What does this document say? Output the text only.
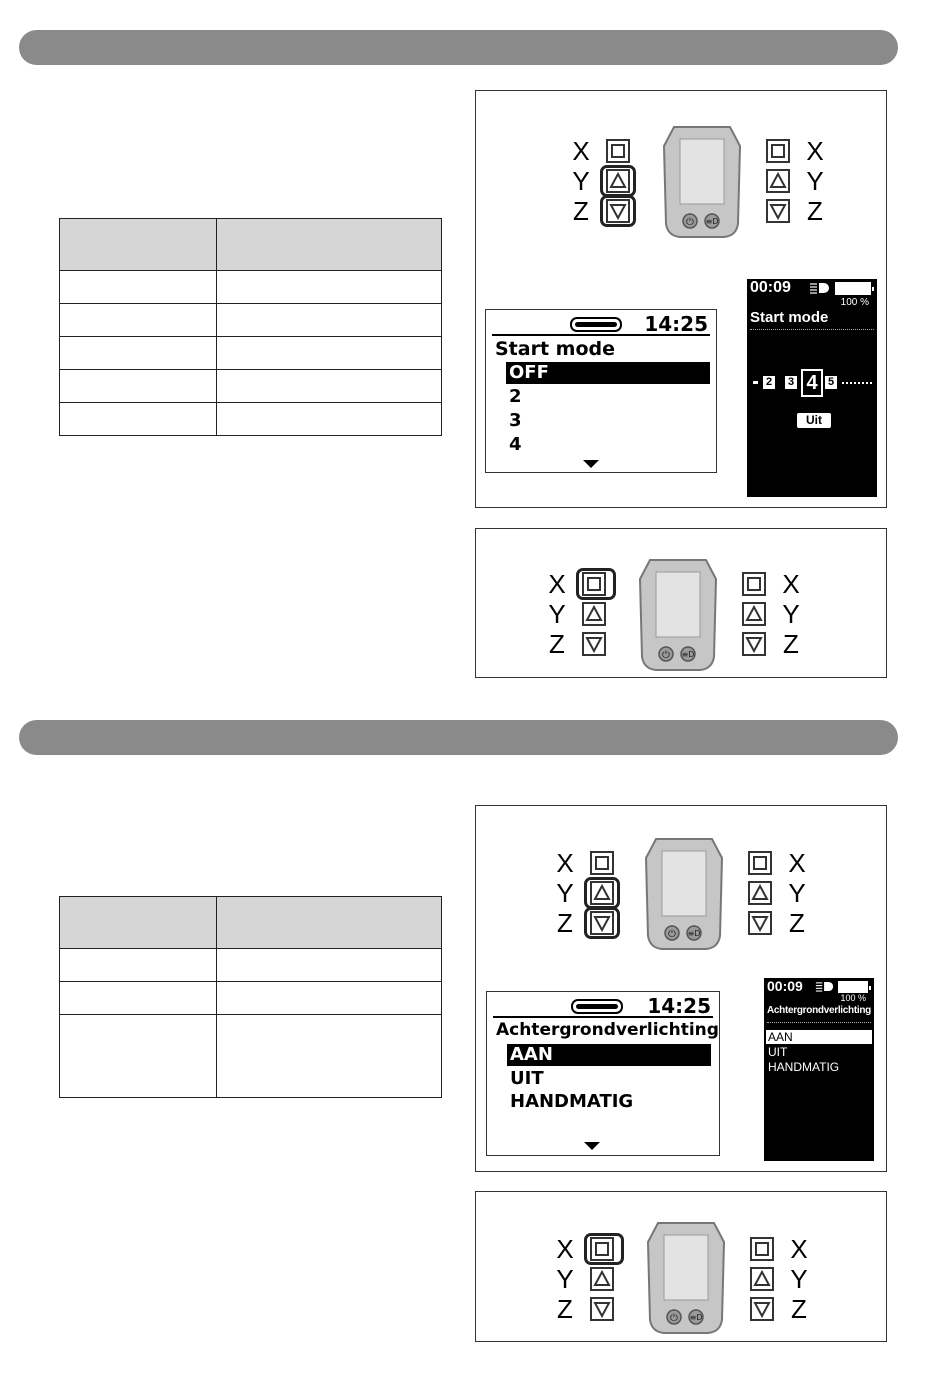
X
Y
Z	⏻ ≡D
X
Y
Z
14:25
Start mode
OFF
2
3
4
00:09
100 %
Start mode
2 3 4 5
Uit
X
Y
Z	⏻ ≡D
X
Y
Z

X
Y
Z	⏻ ≡D
X
Y
Z
14:25
Achtergrondverlichting
AAN
UIT
HANDMATIG
00:09
100 %
Achtergrondverlichting
AAN
UIT
HANDMATIG
X
Y
Z	⏻ ≡D
X
Y
Z
